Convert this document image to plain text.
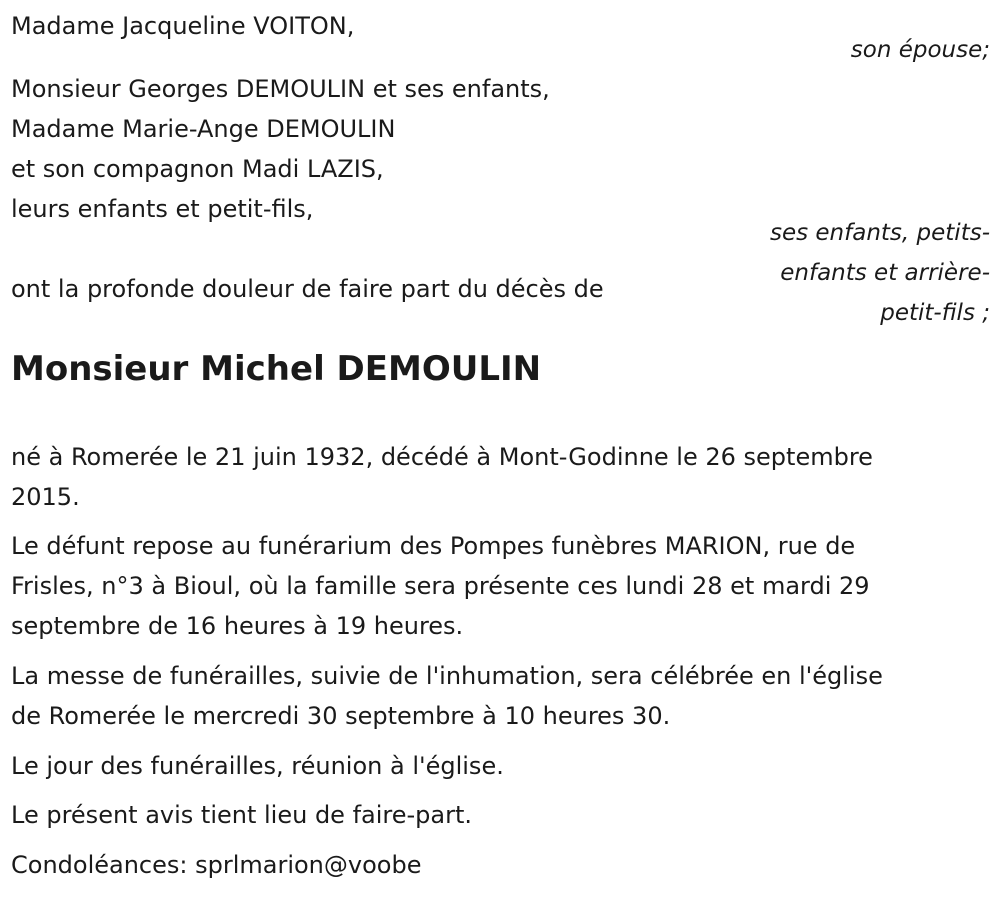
Madame Jacqueline VOITON,

son épouse;

Monsieur Georges DEMOULIN et ses enfants,

Madame Marie-Ange DEMOULIN

et son compagnon Madi LAZIS,

leurs enfants et petit-fils,

ses enfants, petits-

enfants et arrière-

petit-fils ;

ont la profonde douleur de faire part du décès de

Monsieur Michel DEMOULIN

né à Romerée le 21 juin 1932, décédé à Mont-Godinne le 26 septembre

2015.

Le défunt repose au funérarium des Pompes funèbres MARION, rue de

Frisles, n°3 à Bioul, où la famille sera présente ces lundi 28 et mardi 29

septembre de 16 heures à 19 heures.

La messe de funérailles, suivie de l'inhumation, sera célébrée en l'église

de Romerée le mercredi 30 septembre à 10 heures 30.

Le jour des funérailles, réunion à l'église.

Le présent avis tient lieu de faire-part.

Condoléances: sprlmarion@voobe
